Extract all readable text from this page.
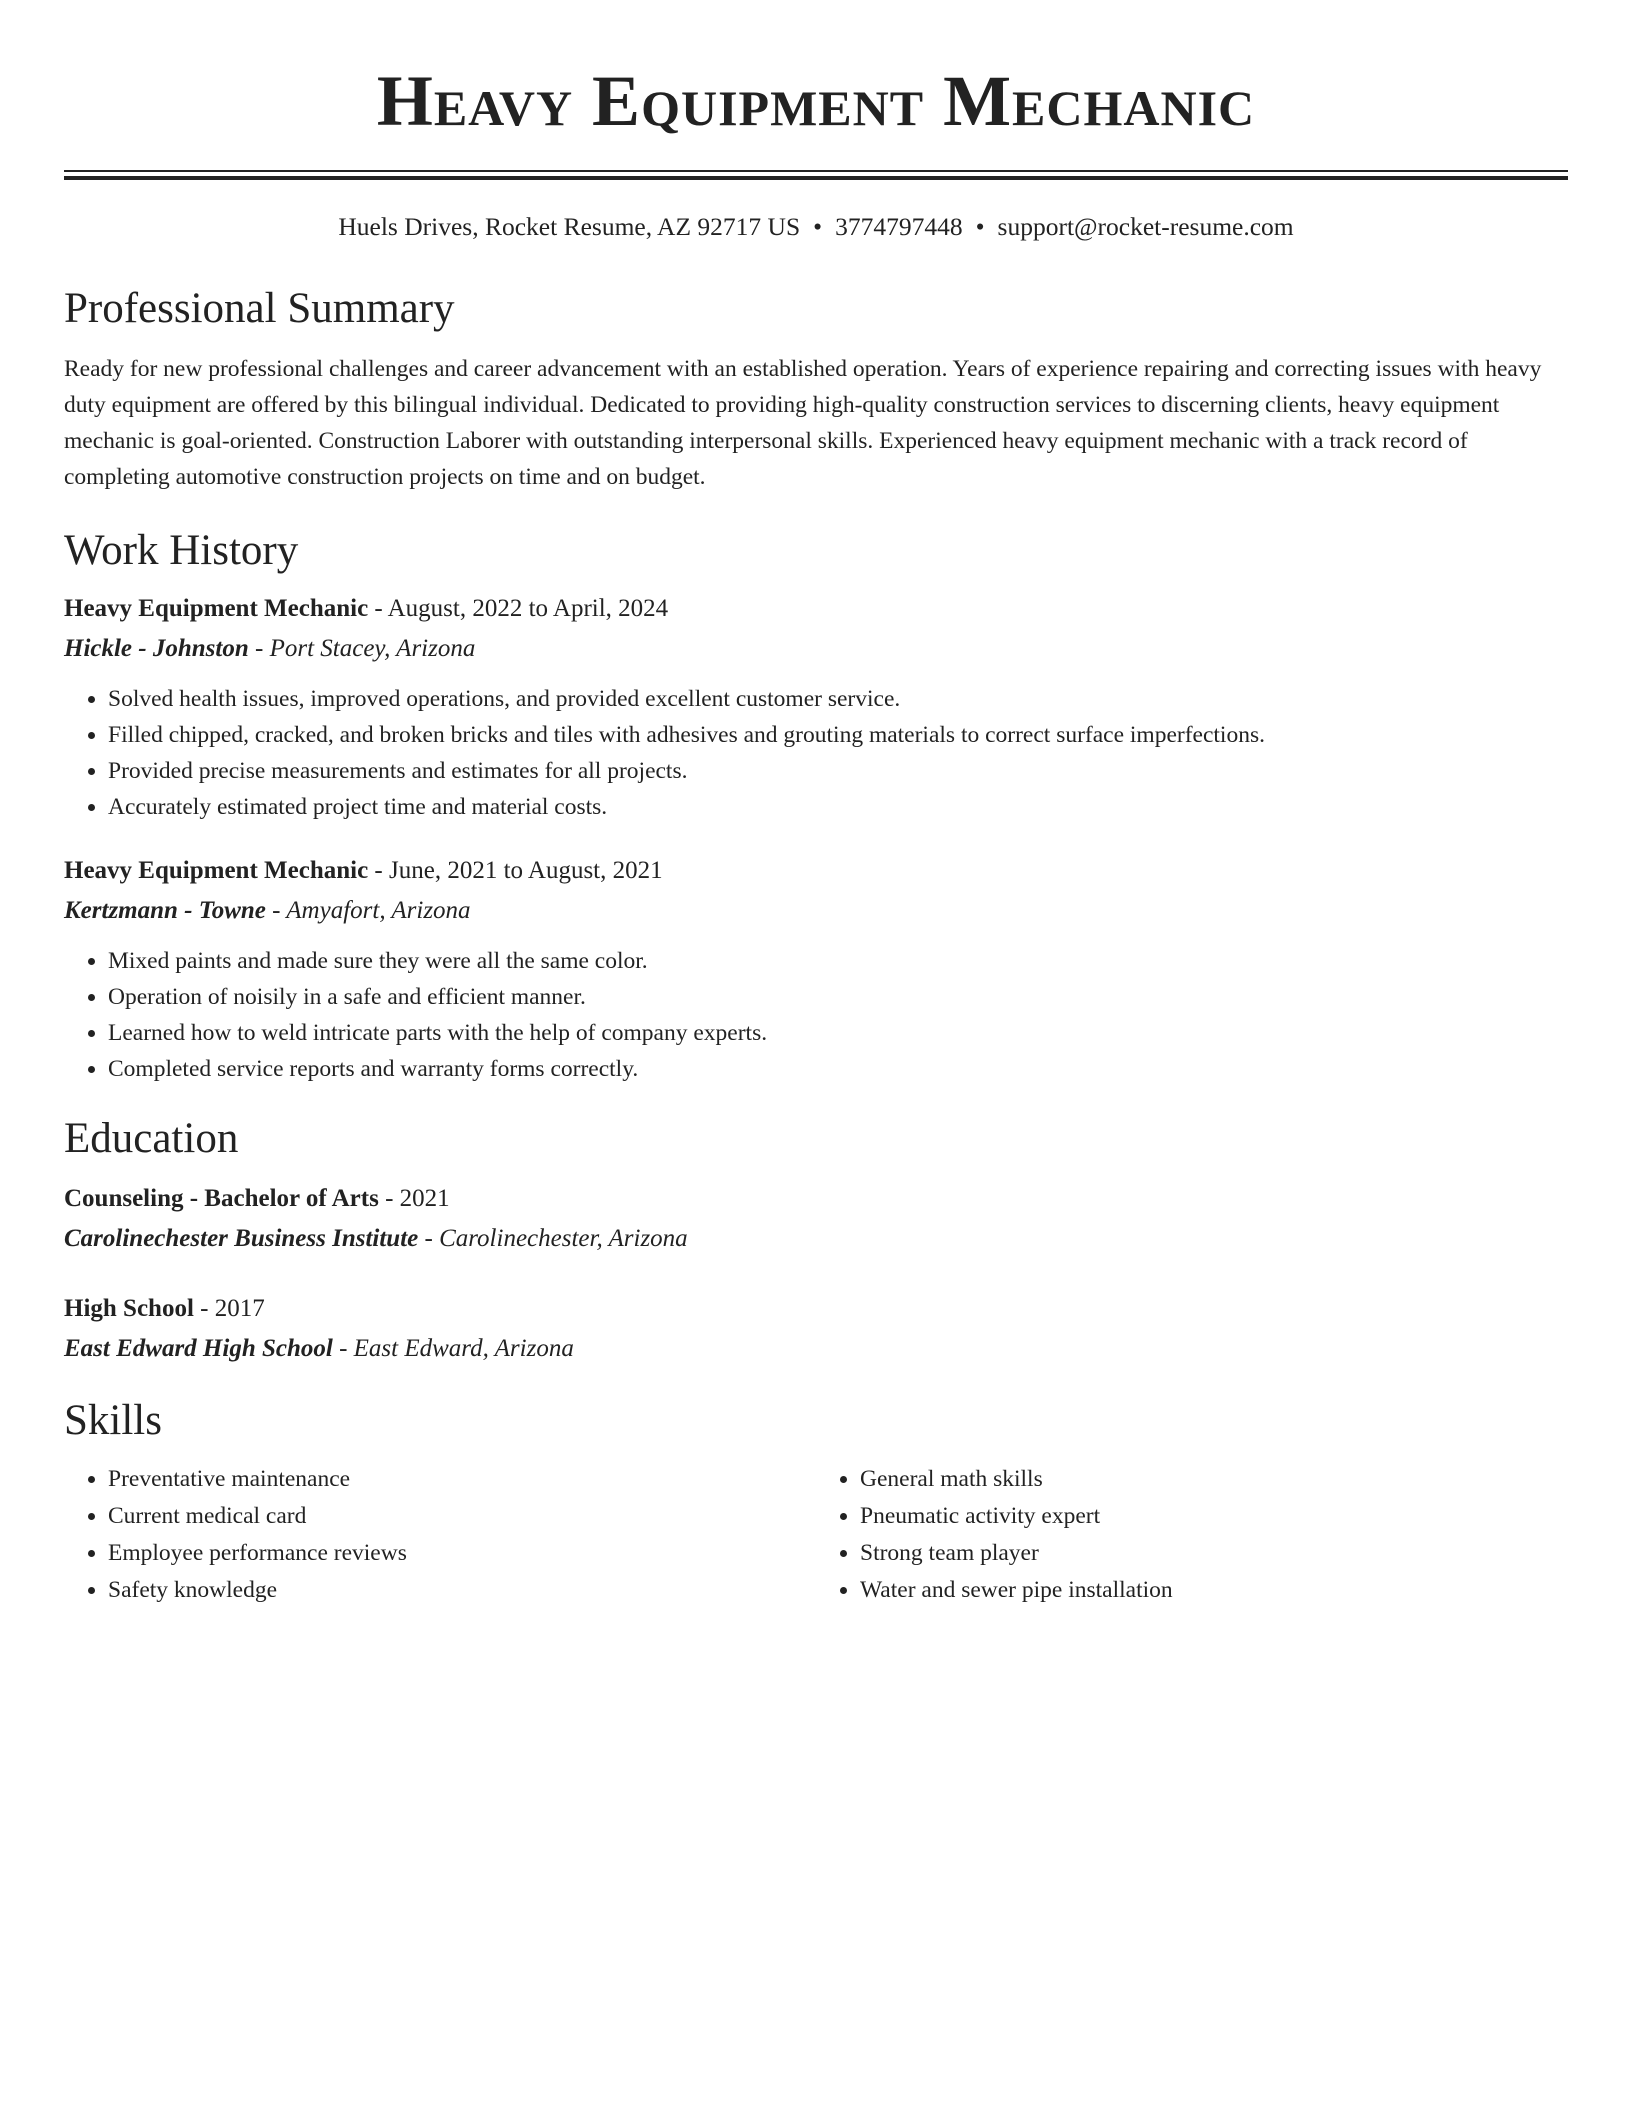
Heavy Equipment Mechanic
Huels Drives, Rocket Resume, AZ 92717 US • 3774797448 • support@rocket-resume.com
Professional Summary

Ready for new professional challenges and career advancement with an established operation. Years of experience repairing and correcting issues with heavy duty equipment are offered by this bilingual individual. Dedicated to providing high-quality construction services to discerning clients, heavy equipment mechanic is goal-oriented. Construction Laborer with outstanding interpersonal skills. Experienced heavy equipment mechanic with a track record of completing automotive construction projects on time and on budget.

Work History
Heavy Equipment Mechanic - August, 2022 to April, 2024
Hickle - Johnston - Port Stacey, Arizona
• Solved health issues, improved operations, and provided excellent customer service.
• Filled chipped, cracked, and broken bricks and tiles with adhesives and grouting materials to correct surface imperfections.
• Provided precise measurements and estimates for all projects.
• Accurately estimated project time and material costs.
Heavy Equipment Mechanic - June, 2021 to August, 2021
Kertzmann - Towne - Amyafort, Arizona
• Mixed paints and made sure they were all the same color.
• Operation of noisily in a safe and efficient manner.
• Learned how to weld intricate parts with the help of company experts.
• Completed service reports and warranty forms correctly.
Education
Counseling - Bachelor of Arts - 2021
Carolinechester Business Institute - Carolinechester, Arizona
High School - 2017
East Edward High School - East Edward, Arizona
Skills
• Preventative maintenance
• Current medical card
• Employee performance reviews
• Safety knowledge
• General math skills
• Pneumatic activity expert
• Strong team player
• Water and sewer pipe installation
